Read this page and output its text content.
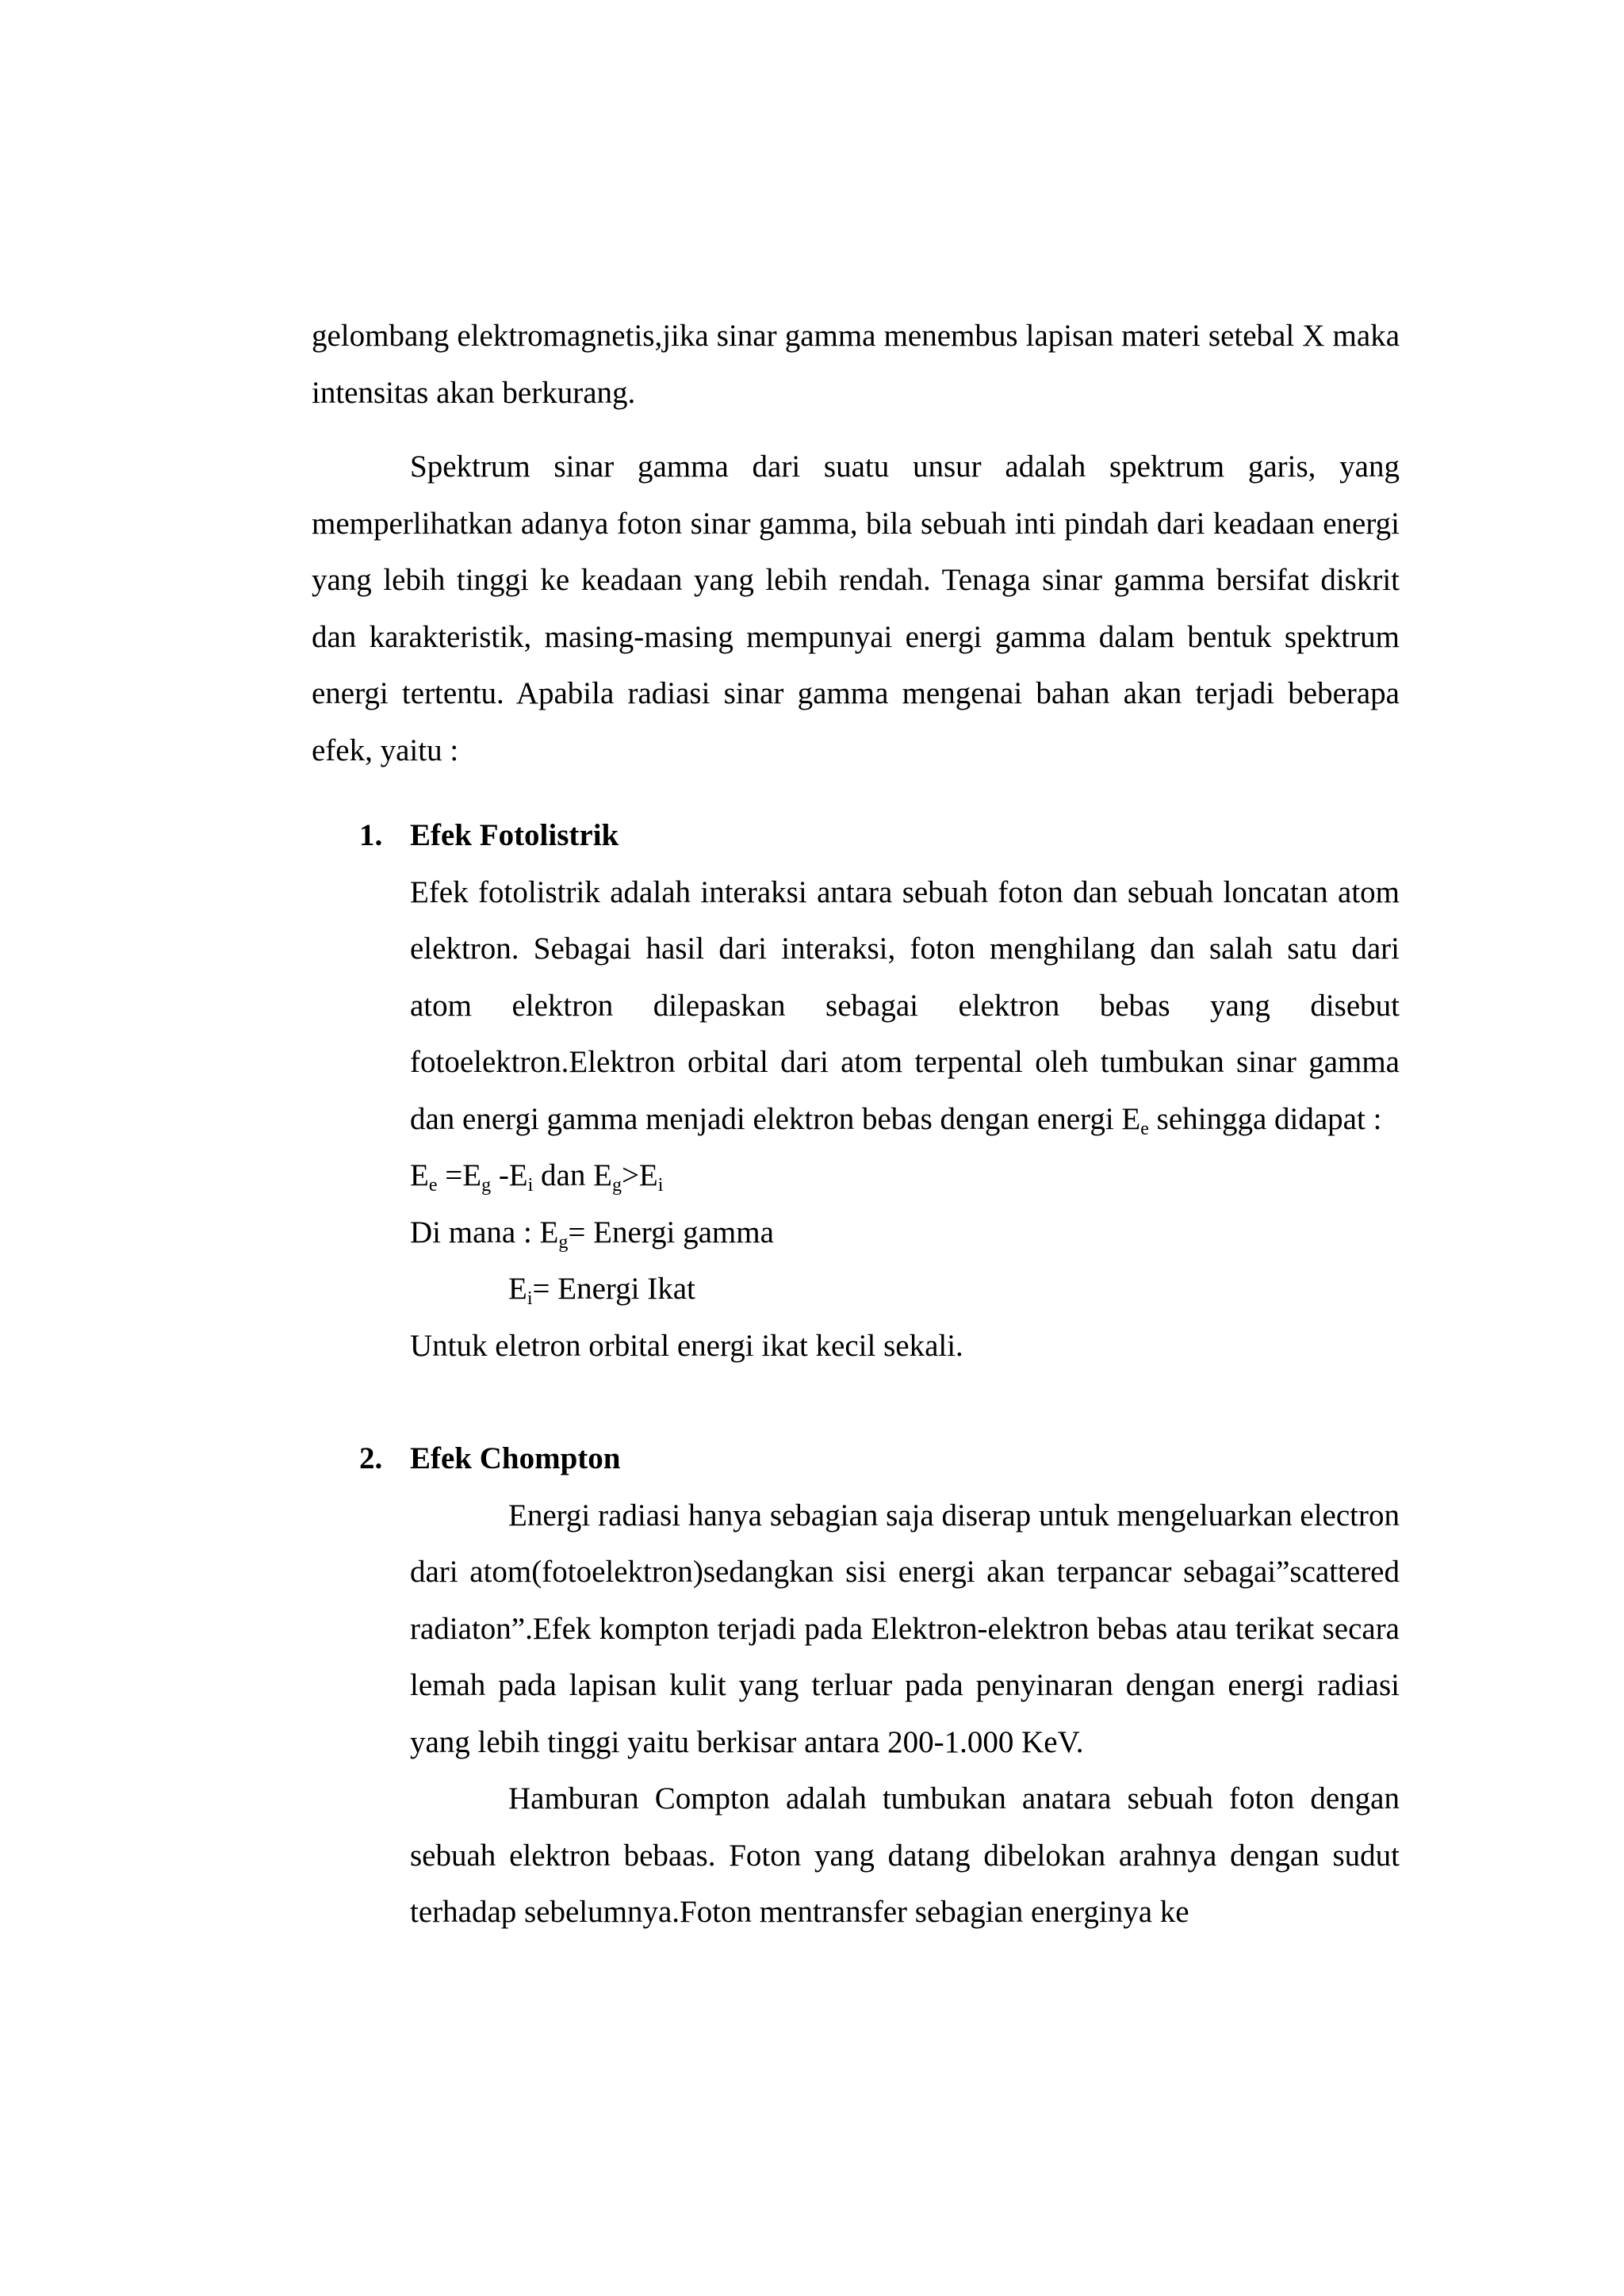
gelombang elektromagnetis,jika sinar gamma menembus lapisan materi setebal X maka intensitas akan berkurang.

Spektrum sinar gamma dari suatu unsur adalah spektrum garis, yang memperlihatkan adanya foton sinar gamma, bila sebuah inti pindah dari keadaan energi yang lebih tinggi ke keadaan yang lebih rendah. Tenaga sinar gamma bersifat diskrit dan karakteristik, masing-masing mempunyai energi gamma dalam bentuk spektrum energi tertentu. Apabila radiasi sinar gamma mengenai bahan akan terjadi beberapa efek, yaitu :

1. Efek Fotolistrik

Efek fotolistrik adalah interaksi antara sebuah foton dan sebuah loncatan atom elektron. Sebagai hasil dari interaksi, foton menghilang dan salah satu dari atom elektron dilepaskan sebagai elektron bebas yang disebut fotoelektron.Elektron orbital dari atom terpental oleh tumbukan sinar gamma dan energi gamma menjadi elektron bebas dengan energi $E_e$ sehingga didapat :

$E_e =E_g$ $-E_i$ dan $E_g>E_i$

Di mana : $E_g=$ Energi gamma

$E_i=$ Energi Ikat

Untuk eletron orbital energi ikat kecil sekali.

2. Efek Chompton

Energi radiasi hanya sebagian saja diserap untuk mengeluarkan electron dari atom(fotoelektron)sedangkan sisi energi akan terpancar sebagai”scattered radiaton”.Efek kompton terjadi pada Elektron-elektron bebas atau terikat secara lemah pada lapisan kulit yang terluar pada penyinaran dengan energi radiasi yang lebih tinggi yaitu berkisar antara 200-1.000 KeV.

Hamburan Compton adalah tumbukan anatara sebuah foton dengan sebuah elektron bebaas. Foton yang datang dibelokan arahnya dengan sudut terhadap sebelumnya.Foton mentransfer sebagian energinya ke
